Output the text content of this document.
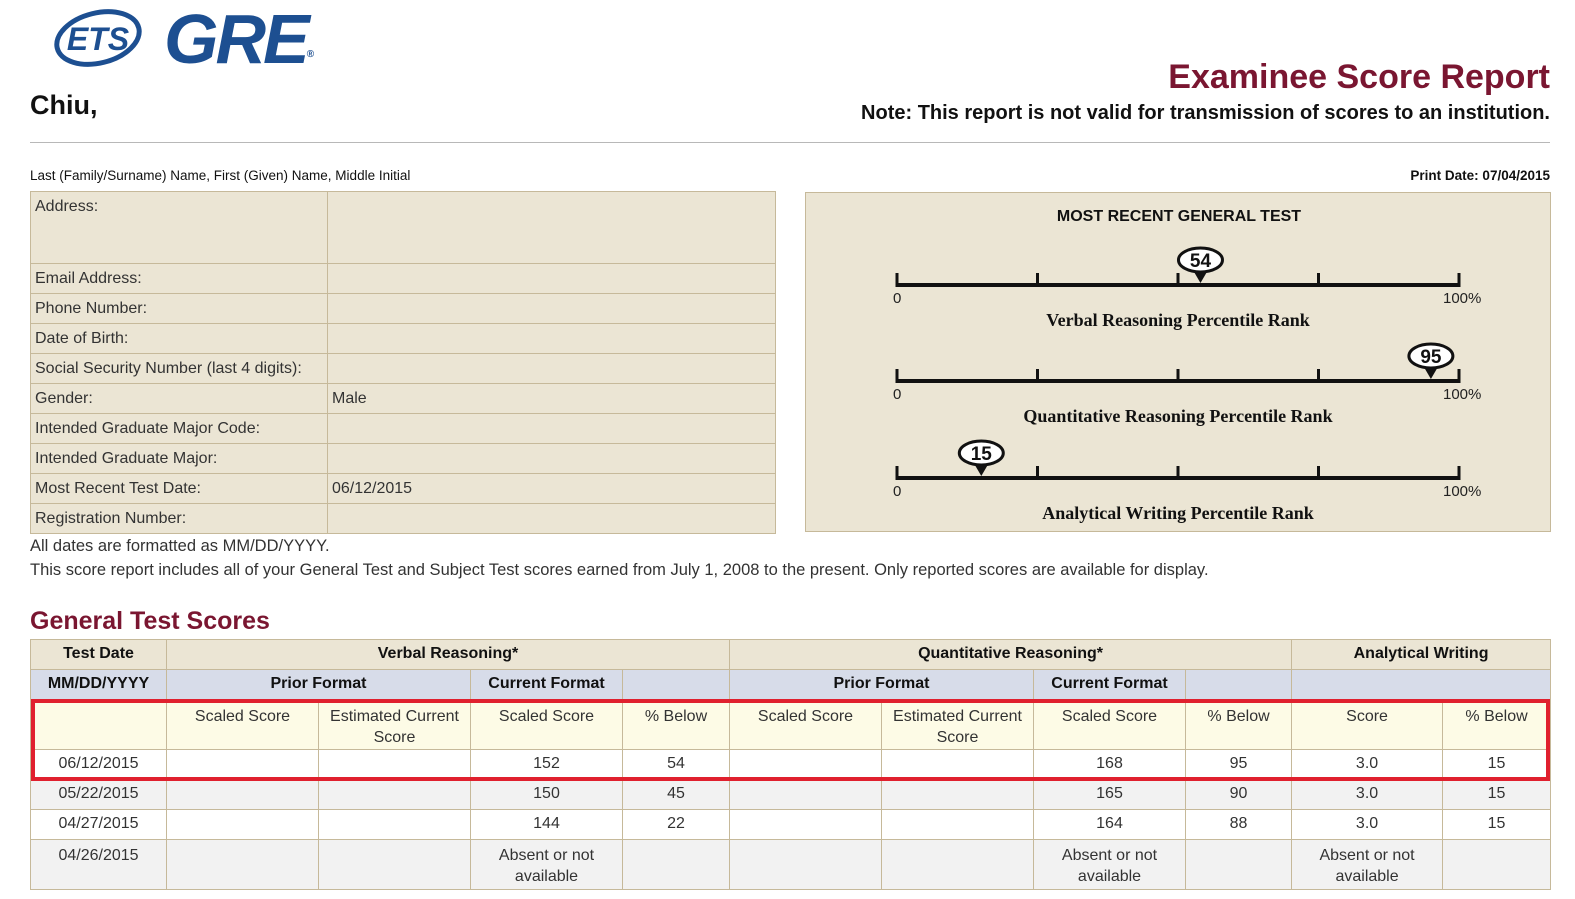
ETS GRE®
Chiu,
Examinee Score Report
Note: This report is not valid for transmission of scores to an institution.
Last (Family/Surname) Name, First (Given) Name, Middle Initial	Print Date: 07/04/2015
Address:	
Email Address:	
Phone Number:	
Date of Birth:	
Social Security Number (last 4 digits):	
Gender:	Male
Intended Graduate Major Code:	
Intended Graduate Major:	
Most Recent Test Date:	06/12/2015
Registration Number:	
MOST RECENT GENERAL TEST
0	100%
Verbal Reasoning Percentile Rank
54
0	100%
Quantitative Reasoning Percentile Rank
95
0	100%
Analytical Writing Percentile Rank
15
All dates are formatted as MM/DD/YYYY.
This score report includes all of your General Test and Subject Test scores earned from July 1, 2008 to the present. Only reported scores are available for display.
General Test Scores
Test Date	Verbal Reasoning*				Quantitative Reasoning*				Analytical Writing	
MM/DD/YYYY	Prior Format		Current Format		Prior Format		Current Format			
	Scaled Score	Estimated Current Score	Scaled Score	% Below	Scaled Score	Estimated Current Score	Scaled Score	% Below	Score	% Below
06/12/2015			152	54			168	95	3.0	15
05/22/2015			150	45			165	90	3.0	15
04/27/2015			144	22			164	88	3.0	15
04/26/2015			Absent or not available				Absent or not available		Absent or not available	
